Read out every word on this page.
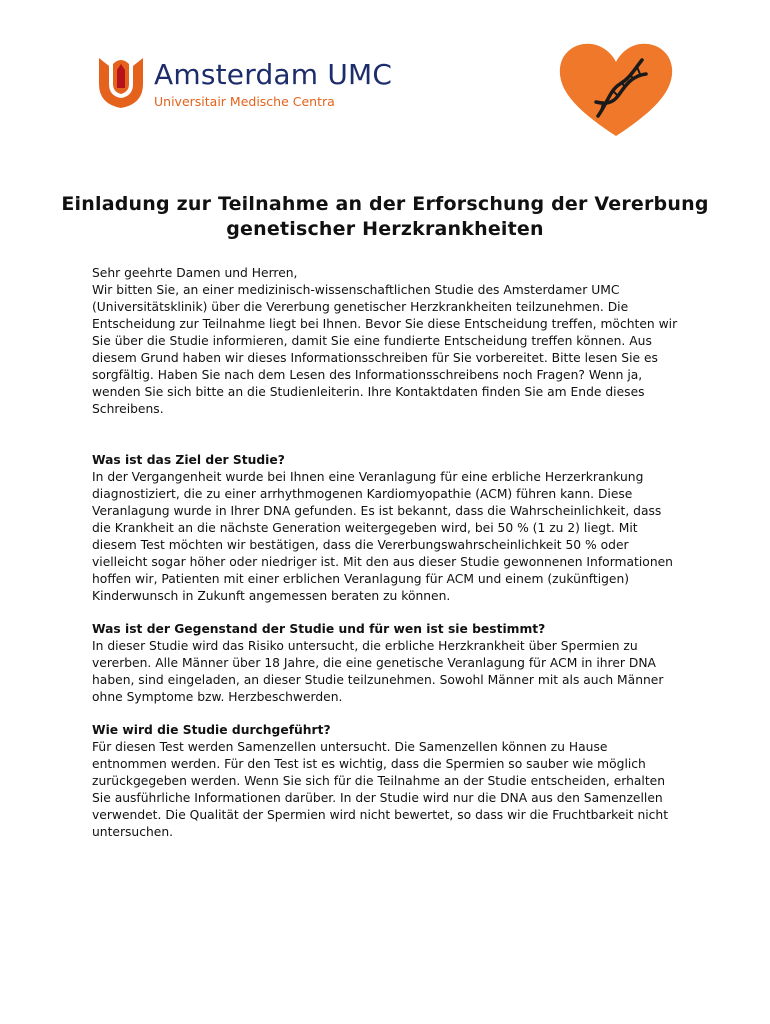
Amsterdam UMC
Universitair Medische Centra
Einladung zur Teilnahme an der Erforschung der Vererbung genetischer Herzkrankheiten

Sehr geehrte Damen und Herren,

Wir bitten Sie, an einer medizinisch-wissenschaftlichen Studie des Amsterdamer UMC (Universitätsklinik) über die Vererbung genetischer Herzkrankheiten teilzunehmen. Die Entscheidung zur Teilnahme liegt bei Ihnen. Bevor Sie diese Entscheidung treffen, möchten wir Sie über die Studie informieren, damit Sie eine fundierte Entscheidung treffen können. Aus diesem Grund haben wir dieses Informationsschreiben für Sie vorbereitet. Bitte lesen Sie es sorgfältig. Haben Sie nach dem Lesen des Informationsschreibens noch Fragen? Wenn ja, wenden Sie sich bitte an die Studienleiterin. Ihre Kontaktdaten finden Sie am Ende dieses Schreibens.

Was ist das Ziel der Studie?

In der Vergangenheit wurde bei Ihnen eine Veranlagung für eine erbliche Herzerkrankung diagnostiziert, die zu einer arrhythmogenen Kardiomyopathie (ACM) führen kann. Diese Veranlagung wurde in Ihrer DNA gefunden. Es ist bekannt, dass die Wahrscheinlichkeit, dass die Krankheit an die nächste Generation weitergegeben wird, bei 50 % (1 zu 2) liegt. Mit diesem Test möchten wir bestätigen, dass die Vererbungswahrscheinlichkeit 50 % oder vielleicht sogar höher oder niedriger ist. Mit den aus dieser Studie gewonnenen Informationen hoffen wir, Patienten mit einer erblichen Veranlagung für ACM und einem (zukünftigen) Kinderwunsch in Zukunft angemessen beraten zu können.

Was ist der Gegenstand der Studie und für wen ist sie bestimmt?

In dieser Studie wird das Risiko untersucht, die erbliche Herzkrankheit über Spermien zu vererben. Alle Männer über 18 Jahre, die eine genetische Veranlagung für ACM in ihrer DNA haben, sind eingeladen, an dieser Studie teilzunehmen. Sowohl Männer mit als auch Männer ohne Symptome bzw. Herzbeschwerden.

Wie wird die Studie durchgeführt?

Für diesen Test werden Samenzellen untersucht. Die Samenzellen können zu Hause entnommen werden. Für den Test ist es wichtig, dass die Spermien so sauber wie möglich zurückgegeben werden. Wenn Sie sich für die Teilnahme an der Studie entscheiden, erhalten Sie ausführliche Informationen darüber. In der Studie wird nur die DNA aus den Samenzellen verwendet. Die Qualität der Spermien wird nicht bewertet, so dass wir die Fruchtbarkeit nicht untersuchen.
